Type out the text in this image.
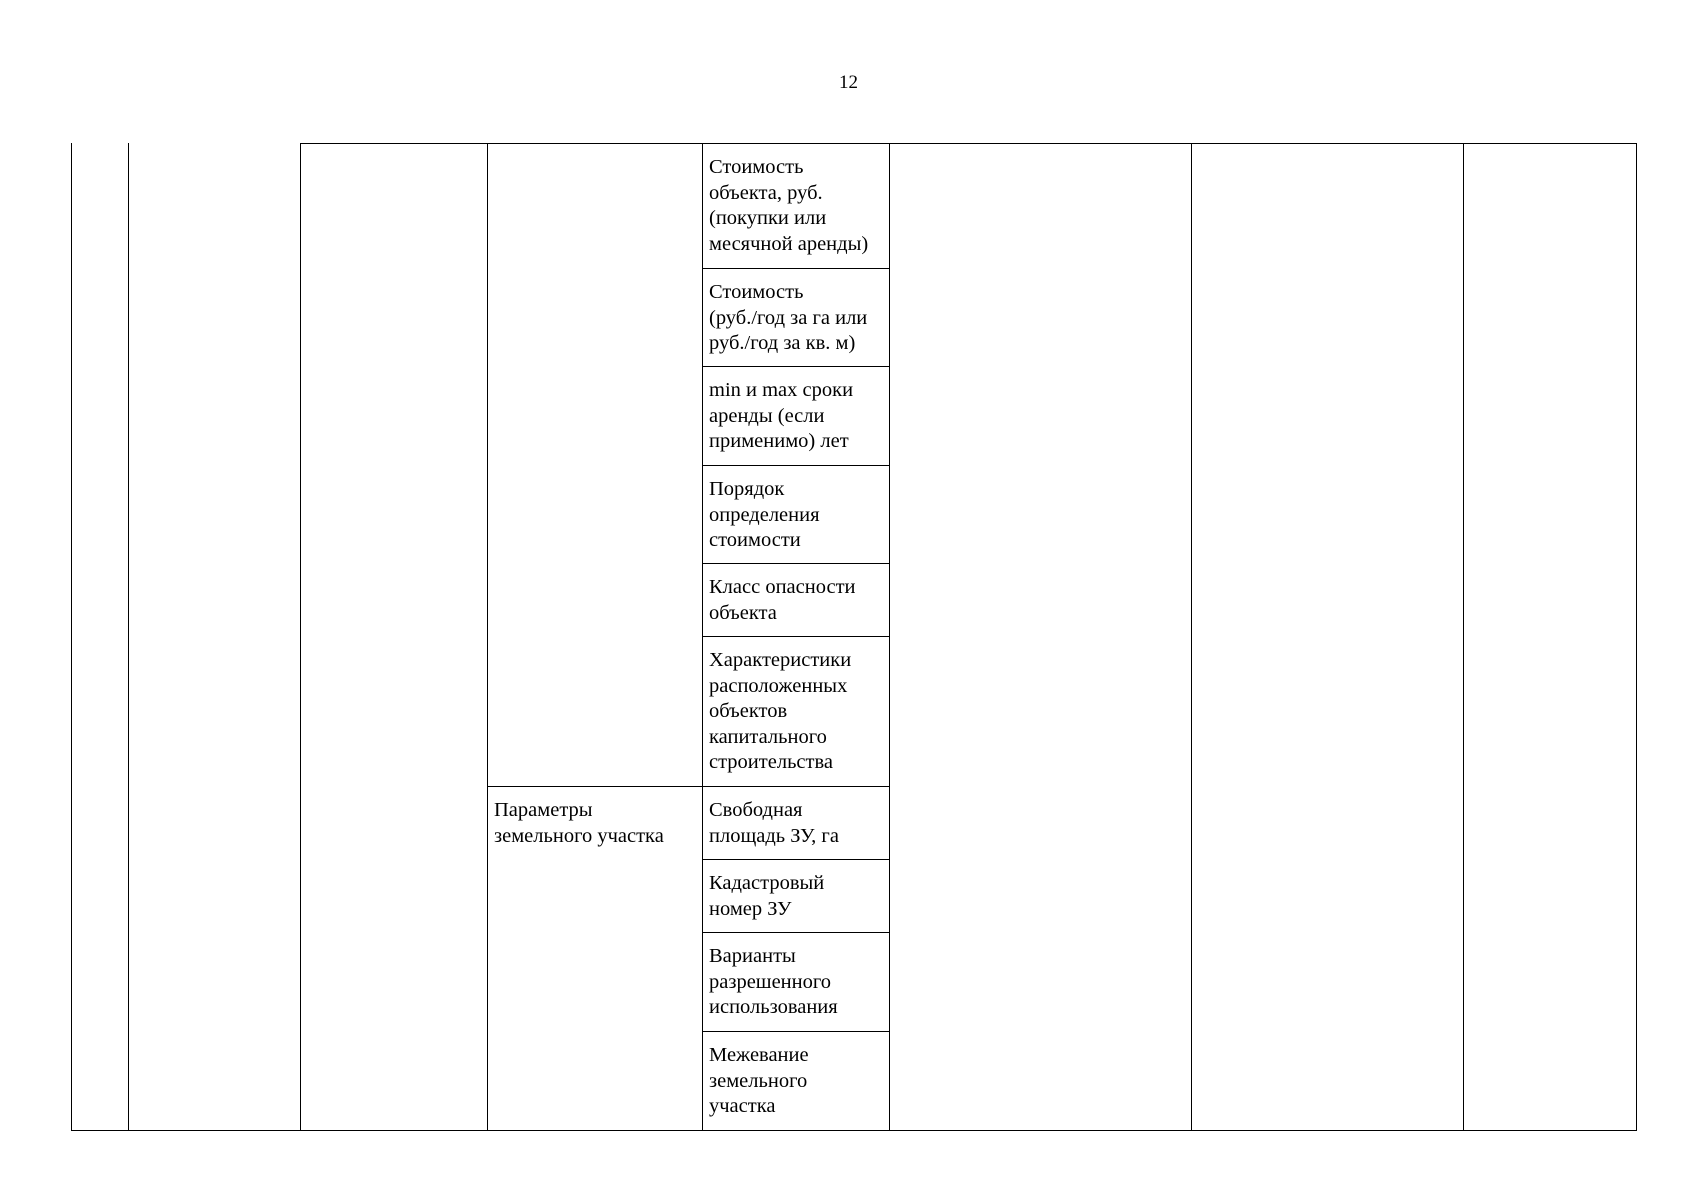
12
Параметры
земельного участка
Стоимость
объекта, руб.
(покупки или
месячной аренды)
Стоимость
(руб./год за га или
руб./год за кв. м)
min и max сроки
аренды (если
применимо) лет
Порядок
определения
стоимости
Класс опасности
объекта
Характеристики
расположенных
объектов
капитального
строительства
Свободная
площадь ЗУ, га
Кадастровый
номер ЗУ
Варианты
разрешенного
использования
Межевание
земельного
участка
